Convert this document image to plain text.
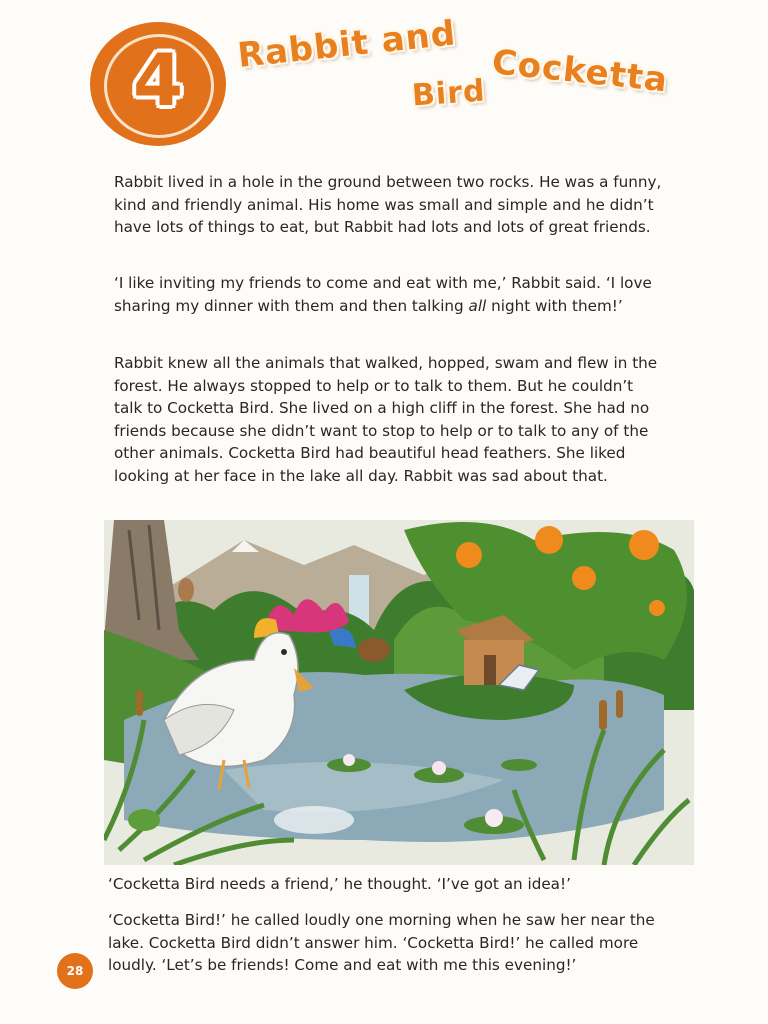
4	Rabbit and Cocketta
Bird

Rabbit lived in a hole in the ground between two rocks. He was a funny, kind and friendly animal. His home was small and simple and he didn’t have lots of things to eat, but Rabbit had lots and lots of great friends.

‘I like inviting my friends to come and eat with me,’ Rabbit said. ‘I love sharing my dinner with them and then talking all night with them!’

Rabbit knew all the animals that walked, hopped, swam and flew in the forest. He always stopped to help or to talk to them. But he couldn’t talk to Cocketta Bird. She lived on a high cliff in the forest. She had no friends because she didn’t want to stop to help or to talk to any of the other animals. Cocketta Bird had beautiful head feathers. She liked looking at her face in the lake all day. Rabbit was sad about that.

‘Cocketta Bird needs a friend,’ he thought. ‘I’ve got an idea!’

‘Cocketta Bird!’ he called loudly one morning when he saw her near the lake. Cocketta Bird didn’t answer him. ‘Cocketta Bird!’ he called more loudly. ‘Let’s be friends! Come and eat with me this evening!’

28
